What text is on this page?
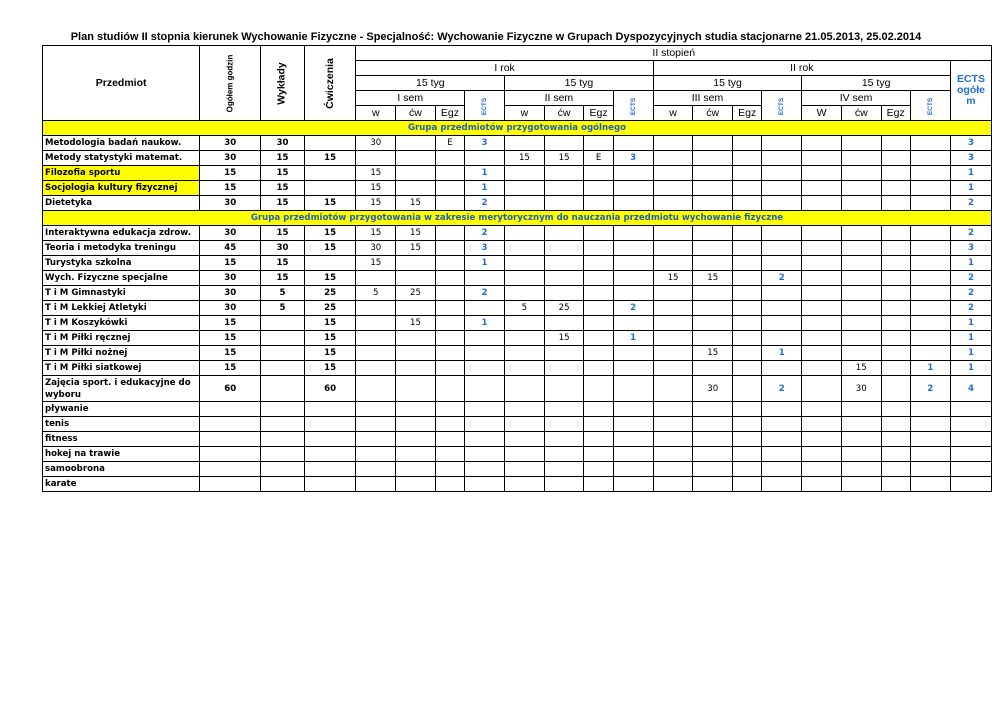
Plan studiów II stopnia kierunek Wychowanie Fizyczne - Specjalność: Wychowanie Fizyczne w Grupach Dyspozycyjnych studia stacjonarne 21.05.2013, 25.02.2014
Przedmiot	Ogółem godzin	Wykłady	Ćwiczenia	II stopień																
				I rok								II rok								ECTS ogółe m
				15 tyg				15 tyg				15 tyg				15 tyg				
				I sem			ECTS	II sem			ECTS	III sem			ECTS	IV sem			ECTS	
				w	ćw	Egz		w	ćw	Egz		w	ćw	Egz		W	ćw	Egz		
Grupa przedmiotów przygotowania ogólnego																				
Metodologia badań naukow.	30	30		30		E	3													3
Metody statystyki matemat.	30	15	15					15	15	E	3									3
Filozofia sportu	15	15		15			1													1
Socjologia kultury fizycznej	15	15		15			1													1
Dietetyka	30	15	15	15	15		2													2
Grupa przedmiotów przygotowania w zakresie merytorycznym do nauczania przedmiotu wychowanie fizyczne																				
Interaktywna edukacja zdrow.	30	15	15	15	15		2													2
Teoria i metodyka treningu	45	30	15	30	15		3													3
Turystyka szkolna	15	15		15			1													1
Wych. Fizyczne specjalne	30	15	15									15	15		2					2
T i M Gimnastyki	30	5	25	5	25		2													2
T i M Lekkiej Atletyki	30	5	25					5	25		2									2
T i M Koszykówki	15		15		15		1													1
T i M Piłki ręcznej	15		15						15		1									1
T i M Piłki nożnej	15		15										15		1					1
T i M Piłki siatkowej	15		15														15		1	1
Zajęcia sport. i edukacyjne do wyboru	60		60										30		2		30		2	4
pływanie																				
tenis																				
fitness																				
hokej na trawie																				
samoobrona																				
karate																				
